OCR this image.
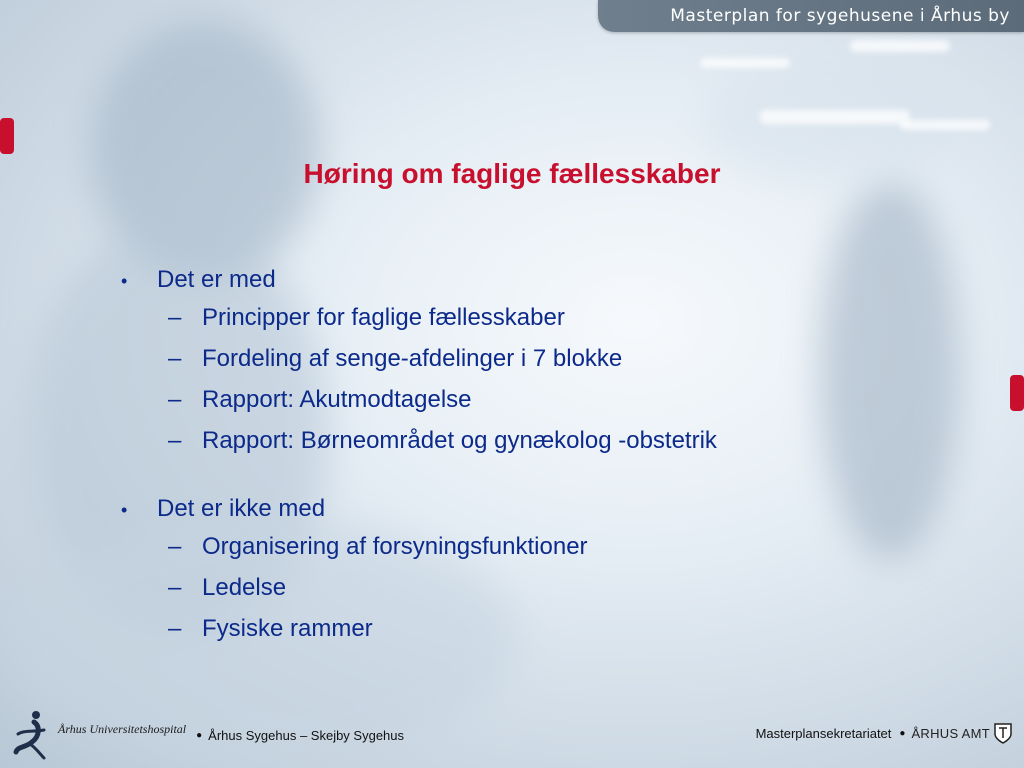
Masterplan for sygehusene i Århus by
Høring om faglige fællesskaber
•	Det er med
– Principper for faglige fællesskaber
– Fordeling af senge-afdelinger i 7 blokke
– Rapport: Akutmodtagelse
– Rapport: Børneområdet og gynækolog -obstetrik
•	Det er ikke med
– Organisering af forsyningsfunktioner
– Ledelse
– Fysiske rammer
Århus Universitetshospital ● Århus Sygehus – Skejby Sygehus	Masterplansekretariatet ● ÅRHUS AMT
